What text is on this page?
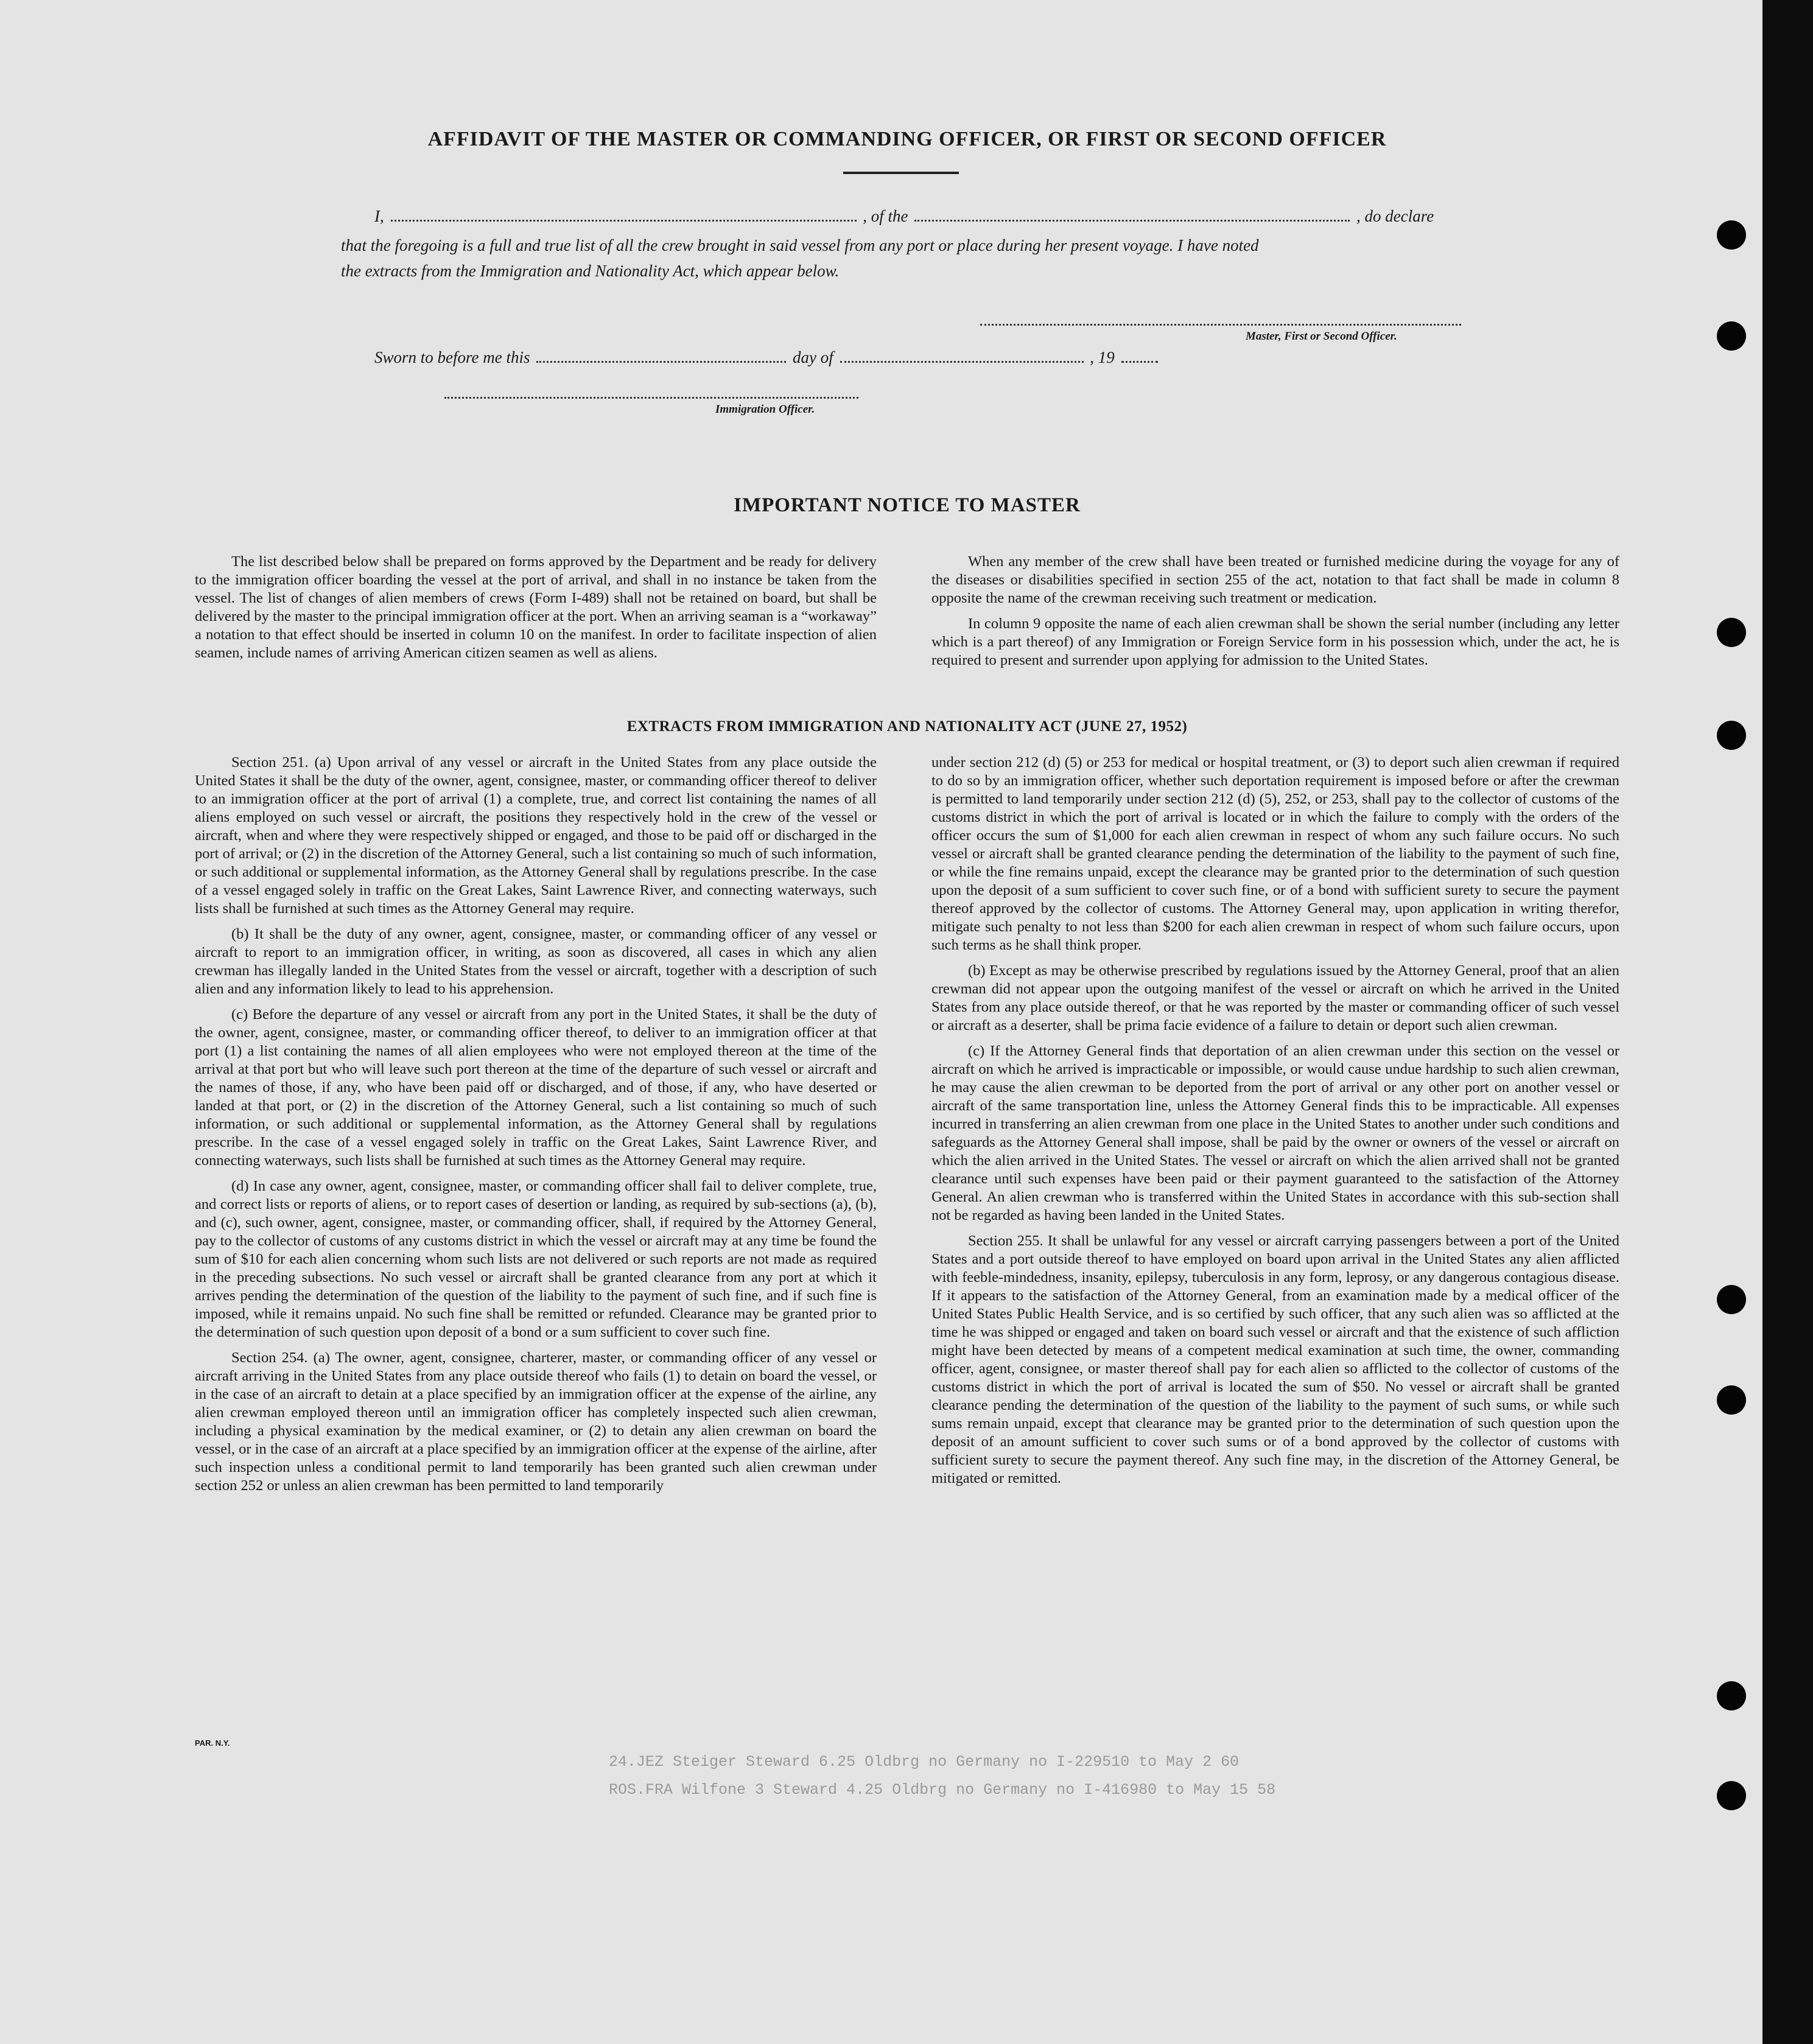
AFFIDAVIT OF THE MASTER OR COMMANDING OFFICER, OR FIRST OR SECOND OFFICER
I,	, of the	, do declare
that the foregoing is a full and true list of all the crew brought in said vessel from any port or place during her present voyage. I have noted
the extracts from the Immigration and Nationality Act, which appear below.
Master, First or Second Officer.
Sworn to before me this	day of	, 19
Immigration Officer.
IMPORTANT NOTICE TO MASTER

The list described below shall be prepared on forms approved by the Department and be ready for delivery to the immigration officer boarding the vessel at the port of arrival, and shall in no instance be taken from the vessel. The list of changes of alien members of crews (Form I-489) shall not be retained on board, but shall be delivered by the master to the principal immigration officer at the port. When an arriving seaman is a “workaway” a notation to that effect should be inserted in column 10 on the manifest. In order to facilitate inspection of alien seamen, include names of arriving American citizen seamen as well as aliens.

When any member of the crew shall have been treated or furnished medicine during the voyage for any of the diseases or disabilities specified in section 255 of the act, notation to that fact shall be made in column 8 opposite the name of the crewman receiving such treatment or medication.

In column 9 opposite the name of each alien crewman shall be shown the serial number (including any letter which is a part thereof) of any Immigration or Foreign Service form in his possession which, under the act, he is required to present and surrender upon applying for admission to the United States.

EXTRACTS FROM IMMIGRATION AND NATIONALITY ACT (JUNE 27, 1952)

Section 251. (a) Upon arrival of any vessel or aircraft in the United States from any place outside the United States it shall be the duty of the owner, agent, consignee, master, or commanding officer thereof to deliver to an immigration officer at the port of arrival (1) a complete, true, and correct list containing the names of all aliens employed on such vessel or aircraft, the positions they respectively hold in the crew of the vessel or aircraft, when and where they were respectively shipped or engaged, and those to be paid off or discharged in the port of arrival; or (2) in the discretion of the Attorney General, such a list containing so much of such information, or such additional or supplemental information, as the Attorney General shall by regulations prescribe. In the case of a vessel engaged solely in traffic on the Great Lakes, Saint Lawrence River, and connecting waterways, such lists shall be furnished at such times as the Attorney General may require.

(b) It shall be the duty of any owner, agent, consignee, master, or commanding officer of any vessel or aircraft to report to an immigration officer, in writing, as soon as discovered, all cases in which any alien crewman has illegally landed in the United States from the vessel or aircraft, together with a description of such alien and any information likely to lead to his apprehension.

(c) Before the departure of any vessel or aircraft from any port in the United States, it shall be the duty of the owner, agent, consignee, master, or commanding officer thereof, to deliver to an immigration officer at that port (1) a list containing the names of all alien employees who were not employed thereon at the time of the arrival at that port but who will leave such port thereon at the time of the departure of such vessel or aircraft and the names of those, if any, who have been paid off or discharged, and of those, if any, who have deserted or landed at that port, or (2) in the discretion of the Attorney General, such a list containing so much of such information, or such additional or supplemental information, as the Attorney General shall by regulations prescribe. In the case of a vessel engaged solely in traffic on the Great Lakes, Saint Lawrence River, and connecting waterways, such lists shall be furnished at such times as the Attorney General may require.

(d) In case any owner, agent, consignee, master, or commanding officer shall fail to deliver complete, true, and correct lists or reports of aliens, or to report cases of desertion or landing, as required by sub-sections (a), (b), and (c), such owner, agent, consignee, master, or commanding officer, shall, if required by the Attorney General, pay to the collector of customs of any customs district in which the vessel or aircraft may at any time be found the sum of $10 for each alien concerning whom such lists are not delivered or such reports are not made as required in the preceding subsections. No such vessel or aircraft shall be granted clearance from any port at which it arrives pending the determination of the question of the liability to the payment of such fine, and if such fine is imposed, while it remains unpaid. No such fine shall be remitted or refunded. Clearance may be granted prior to the determination of such question upon deposit of a bond or a sum sufficient to cover such fine.

Section 254. (a) The owner, agent, consignee, charterer, master, or commanding officer of any vessel or aircraft arriving in the United States from any place outside thereof who fails (1) to detain on board the vessel, or in the case of an aircraft to detain at a place specified by an immigration officer at the expense of the airline, any alien crewman employed thereon until an immigration officer has completely inspected such alien crewman, including a physical examination by the medical examiner, or (2) to detain any alien crewman on board the vessel, or in the case of an aircraft at a place specified by an immigration officer at the expense of the airline, after such inspection unless a conditional permit to land temporarily has been granted such alien crewman under section 252 or unless an alien crewman has been permitted to land temporarily

under section 212 (d) (5) or 253 for medical or hospital treatment, or (3) to deport such alien crewman if required to do so by an immigration officer, whether such deportation requirement is imposed before or after the crewman is permitted to land temporarily under section 212 (d) (5), 252, or 253, shall pay to the collector of customs of the customs district in which the port of arrival is located or in which the failure to comply with the orders of the officer occurs the sum of $1,000 for each alien crewman in respect of whom any such failure occurs. No such vessel or aircraft shall be granted clearance pending the determination of the liability to the payment of such fine, or while the fine remains unpaid, except the clearance may be granted prior to the determination of such question upon the deposit of a sum sufficient to cover such fine, or of a bond with sufficient surety to secure the payment thereof approved by the collector of customs. The Attorney General may, upon application in writing therefor, mitigate such penalty to not less than $200 for each alien crewman in respect of whom such failure occurs, upon such terms as he shall think proper.

(b) Except as may be otherwise prescribed by regulations issued by the Attorney General, proof that an alien crewman did not appear upon the outgoing manifest of the vessel or aircraft on which he arrived in the United States from any place outside thereof, or that he was reported by the master or commanding officer of such vessel or aircraft as a deserter, shall be prima facie evidence of a failure to detain or deport such alien crewman.

(c) If the Attorney General finds that deportation of an alien crewman under this section on the vessel or aircraft on which he arrived is impracticable or impossible, or would cause undue hardship to such alien crewman, he may cause the alien crewman to be deported from the port of arrival or any other port on another vessel or aircraft of the same transportation line, unless the Attorney General finds this to be impracticable. All expenses incurred in transferring an alien crewman from one place in the United States to another under such conditions and safeguards as the Attorney General shall impose, shall be paid by the owner or owners of the vessel or aircraft on which the alien arrived in the United States. The vessel or aircraft on which the alien arrived shall not be granted clearance until such expenses have been paid or their payment guaranteed to the satisfaction of the Attorney General. An alien crewman who is transferred within the United States in accordance with this sub-section shall not be regarded as having been landed in the United States.

Section 255. It shall be unlawful for any vessel or aircraft carrying passengers between a port of the United States and a port outside thereof to have employed on board upon arrival in the United States any alien afflicted with feeble-mindedness, insanity, epilepsy, tuberculosis in any form, leprosy, or any dangerous contagious disease. If it appears to the satisfaction of the Attorney General, from an examination made by a medical officer of the United States Public Health Service, and is so certified by such officer, that any such alien was so afflicted at the time he was shipped or engaged and taken on board such vessel or aircraft and that the existence of such affliction might have been detected by means of a competent medical examination at such time, the owner, commanding officer, agent, consignee, or master thereof shall pay for each alien so afflicted to the collector of customs of the customs district in which the port of arrival is located the sum of $50. No vessel or aircraft shall be granted clearance pending the determination of the question of the liability to the payment of such sums, or while such sums remain unpaid, except that clearance may be granted prior to the determination of such question upon the deposit of an amount sufficient to cover such sums or of a bond approved by the collector of customs with sufficient surety to secure the payment thereof. Any such fine may, in the discretion of the Attorney General, be mitigated or remitted.

PAR. N.Y.
24.JEZ Steiger Steward 6.25 Oldbrg no Germany no I-229510 to May 2 60
ROS.FRA Wilfone 3 Steward 4.25 Oldbrg no Germany no I-416980 to May 15 58
